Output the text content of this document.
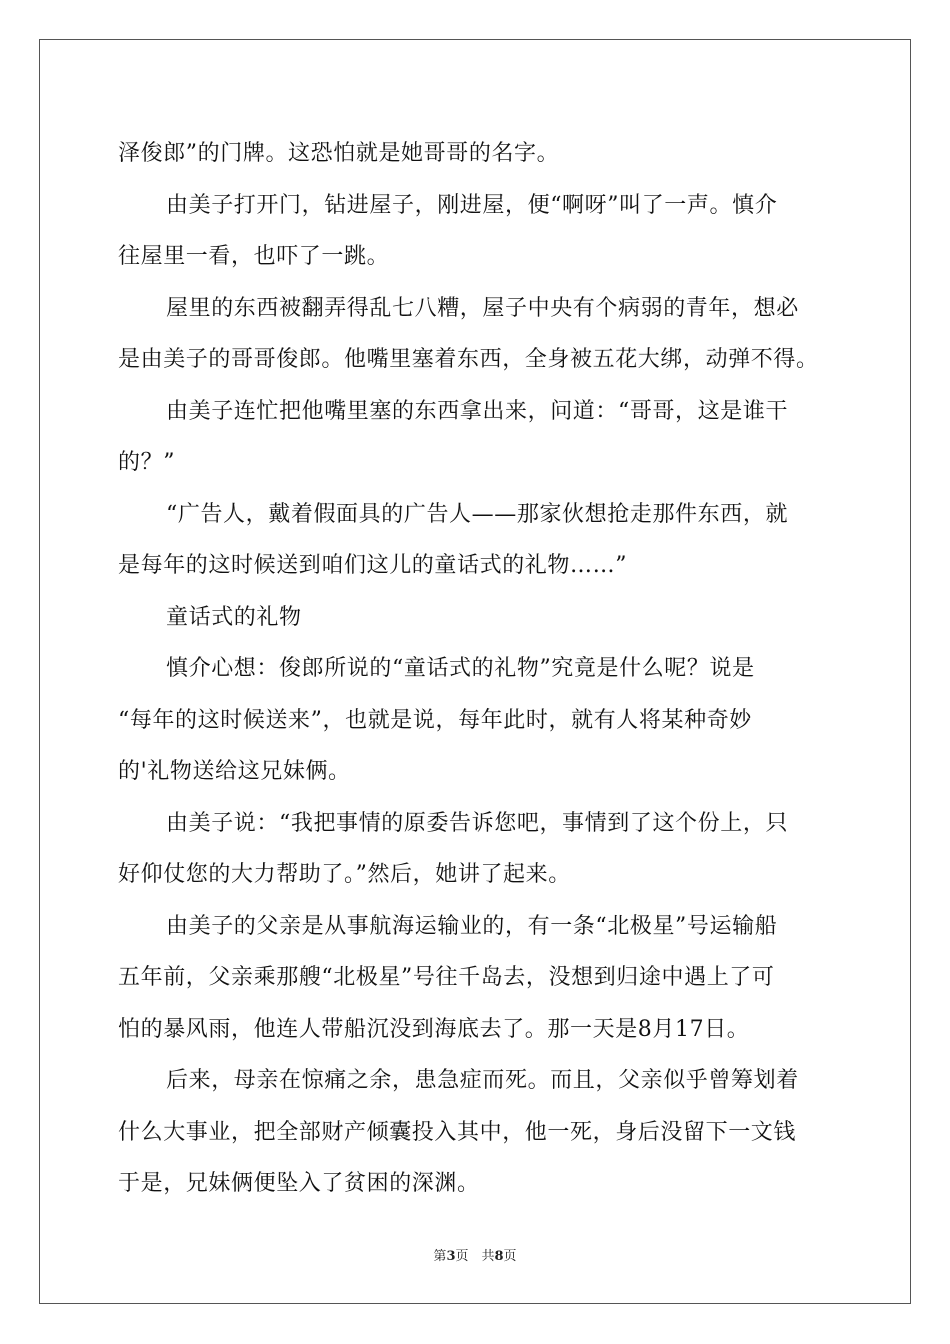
泽俊郎”的门牌。这恐怕就是她哥哥的名字。
由美子打开门，钻进屋子，刚进屋，便“啊呀”叫了一声。慎介
往屋里一看，也吓了一跳。
屋里的东西被翻弄得乱七八糟，屋子中央有个病弱的青年，想必
是由美子的哥哥俊郎。他嘴里塞着东西，全身被五花大绑，动弹不得。
由美子连忙把他嘴里塞的东西拿出来，问道：“哥哥，这是谁干
的？”
“广告人，戴着假面具的广告人——那家伙想抢走那件东西，就
是每年的这时候送到咱们这儿的童话式的礼物……”
童话式的礼物
慎介心想：俊郎所说的“童话式的礼物”究竟是什么呢？说是
“每年的这时候送来”，也就是说，每年此时，就有人将某种奇妙
的'礼物送给这兄妹俩。
由美子说：“我把事情的原委告诉您吧，事情到了这个份上，只
好仰仗您的大力帮助了。”然后，她讲了起来。
由美子的父亲是从事航海运输业的，有一条“北极星”号运输船
五年前，父亲乘那艘“北极星”号往千岛去，没想到归途中遇上了可
怕的暴风雨，他连人带船沉没到海底去了。那一天是8月17日。
后来，母亲在惊痛之余，患急症而死。而且，父亲似乎曾筹划着
什么大事业，把全部财产倾囊投入其中，他一死，身后没留下一文钱
于是，兄妹俩便坠入了贫困的深渊。
第3页　共8页
